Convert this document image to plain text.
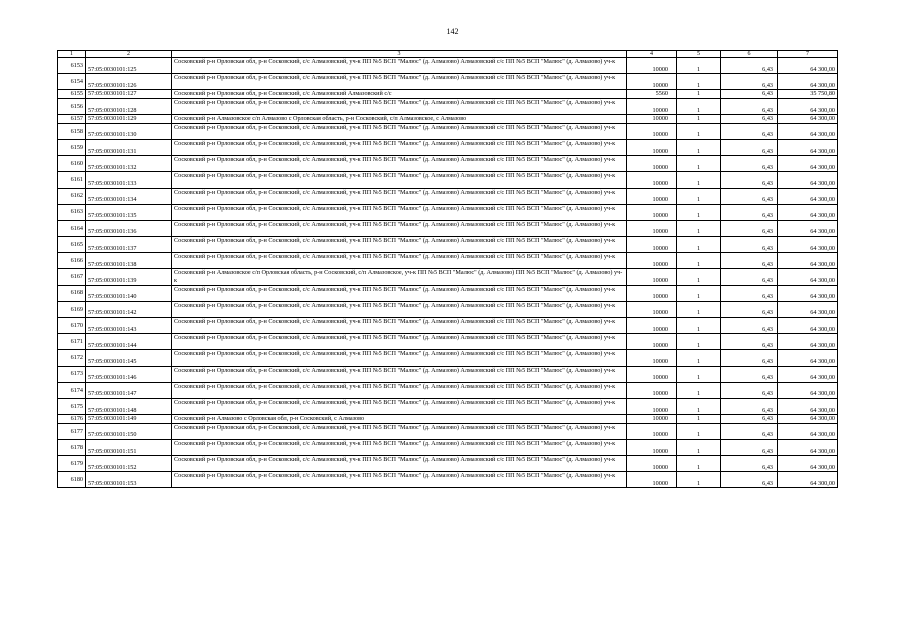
142
1	2	3	4	5	6	7
6153	57:05:0030101:125	Сосковский р-н Орловская обл, р-н Сосковский, с/с Алмазовский, уч-к ПП №5 ВСП "Малюс" (д. Алмазово) Алмазовский с/с ПП №5 ВСП "Малюс" (д. Алмазово) уч-к	10000	1	6,43	64 300,00
6154	57:05:0030101:126	Сосковский р-н Орловская обл, р-н Сосковский, с/с Алмазовский, уч-к ПП №5 ВСП "Малюс" (д. Алмазово) Алмазовский с/с ПП №5 ВСП "Малюс" (д. Алмазово) уч-к	10000	1	6,43	64 300,00
6155	57:05:0030101:127	Сосковский р-н Орловская обл, р-н Сосковский, с/с Алмазовский Алмазовский с/с	5560	1	6,43	35 750,80
6156	57:05:0030101:128	Сосковский р-н Орловская обл, р-н Сосковский, с/с Алмазовский, уч-к ПП №5 ВСП "Малюс" (д. Алмазово) Алмазовский с/с ПП №5 ВСП "Малюс" (д. Алмазово) уч-к	10000	1	6,43	64 300,00
6157	57:05:0030101:129	Сосковский р-н Алмазовское с/п Алмазово с Орловская область, р-н Сосковский, с/п Алмазовское, с Алмазово	10000	1	6,43	64 300,00
6158	57:05:0030101:130	Сосковский р-н Орловская обл, р-н Сосковский, с/с Алмазовский, уч-к ПП №5 ВСП "Малюс" (д. Алмазово) Алмазовский с/с ПП №5 ВСП "Малюс" (д. Алмазово) уч-к	10000	1	6,43	64 300,00
6159	57:05:0030101:131	Сосковский р-н Орловская обл, р-н Сосковский, с/с Алмазовский, уч-к ПП №5 ВСП "Малюс" (д. Алмазово) Алмазовский с/с ПП №5 ВСП "Малюс" (д. Алмазово) уч-к	10000	1	6,43	64 300,00
6160	57:05:0030101:132	Сосковский р-н Орловская обл, р-н Сосковский, с/с Алмазовский, уч-к ПП №5 ВСП "Малюс" (д. Алмазово) Алмазовский с/с ПП №5 ВСП "Малюс" (д. Алмазово) уч-к	10000	1	6,43	64 300,00
6161	57:05:0030101:133	Сосковский р-н Орловская обл, р-н Сосковский, с/с Алмазовский, уч-к ПП №5 ВСП "Малюс" (д. Алмазово) Алмазовский с/с ПП №5 ВСП "Малюс" (д. Алмазово) уч-к	10000	1	6,43	64 300,00
6162	57:05:0030101:134	Сосковский р-н Орловская обл, р-н Сосковский, с/с Алмазовский, уч-к ПП №5 ВСП "Малюс" (д. Алмазово) Алмазовский с/с ПП №5 ВСП "Малюс" (д. Алмазово) уч-к	10000	1	6,43	64 300,00
6163	57:05:0030101:135	Сосковский р-н Орловская обл, р-н Сосковский, с/с Алмазовский, уч-к ПП №5 ВСП "Малюс" (д. Алмазово) Алмазовский с/с ПП №5 ВСП "Малюс" (д. Алмазово) уч-к	10000	1	6,43	64 300,00
6164	57:05:0030101:136	Сосковский р-н Орловская обл, р-н Сосковский, с/с Алмазовский, уч-к ПП №5 ВСП "Малюс" (д. Алмазово) Алмазовский с/с ПП №5 ВСП "Малюс" (д. Алмазово) уч-к	10000	1	6,43	64 300,00
6165	57:05:0030101:137	Сосковский р-н Орловская обл, р-н Сосковский, с/с Алмазовский, уч-к ПП №5 ВСП "Малюс" (д. Алмазово) Алмазовский с/с ПП №5 ВСП "Малюс" (д. Алмазово) уч-к	10000	1	6,43	64 300,00
6166	57:05:0030101:138	Сосковский р-н Орловская обл, р-н Сосковский, с/с Алмазовский, уч-к ПП №5 ВСП "Малюс" (д. Алмазово) Алмазовский с/с ПП №5 ВСП "Малюс" (д. Алмазово) уч-к	10000	1	6,43	64 300,00
6167	57:05:0030101:139	Сосковский р-н Алмазовское с/п Орловская область, р-н Сосковский, с/п Алмазовское, уч-к ПП №5 ВСП "Малюс" (д. Алмазово) ПП №5 ВСП "Малюс" (д. Алмазово) уч-к	10000	1	6,43	64 300,00
6168	57:05:0030101:140	Сосковский р-н Орловская обл, р-н Сосковский, с/с Алмазовский, уч-к ПП №5 ВСП "Малюс" (д. Алмазово) Алмазовский с/с ПП №5 ВСП "Малюс" (д. Алмазово) уч-к	10000	1	6,43	64 300,00
6169	57:05:0030101:142	Сосковский р-н Орловская обл, р-н Сосковский, с/с Алмазовский, уч-к ПП №5 ВСП "Малюс" (д. Алмазово) Алмазовский с/с ПП №5 ВСП "Малюс" (д. Алмазово) уч-к	10000	1	6,43	64 300,00
6170	57:05:0030101:143	Сосковский р-н Орловская обл, р-н Сосковский, с/с Алмазовский, уч-к ПП №5 ВСП "Малюс" (д. Алмазово) Алмазовский с/с ПП №5 ВСП "Малюс" (д. Алмазово) уч-к	10000	1	6,43	64 300,00
6171	57:05:0030101:144	Сосковский р-н Орловская обл, р-н Сосковский, с/с Алмазовский, уч-к ПП №5 ВСП "Малюс" (д. Алмазово) Алмазовский с/с ПП №5 ВСП "Малюс" (д. Алмазово) уч-к	10000	1	6,43	64 300,00
6172	57:05:0030101:145	Сосковский р-н Орловская обл, р-н Сосковский, с/с Алмазовский, уч-к ПП №5 ВСП "Малюс" (д. Алмазово) Алмазовский с/с ПП №5 ВСП "Малюс" (д. Алмазово) уч-к	10000	1	6,43	64 300,00
6173	57:05:0030101:146	Сосковский р-н Орловская обл, р-н Сосковский, с/с Алмазовский, уч-к ПП №5 ВСП "Малюс" (д. Алмазово) Алмазовский с/с ПП №5 ВСП "Малюс" (д. Алмазово) уч-к	10000	1	6,43	64 300,00
6174	57:05:0030101:147	Сосковский р-н Орловская обл, р-н Сосковский, с/с Алмазовский, уч-к ПП №5 ВСП "Малюс" (д. Алмазово) Алмазовский с/с ПП №5 ВСП "Малюс" (д. Алмазово) уч-к	10000	1	6,43	64 300,00
6175	57:05:0030101:148	Сосковский р-н Орловская обл, р-н Сосковский, с/с Алмазовский, уч-к ПП №5 ВСП "Малюс" (д. Алмазово) Алмазовский с/с ПП №5 ВСП "Малюс" (д. Алмазово) уч-к	10000	1	6,43	64 300,00
6176	57:05:0030101:149	Сосковский р-н Алмазово с Орловская обл, р-н Сосковский, с Алмазово	10000	1	6,43	64 300,00
6177	57:05:0030101:150	Сосковский р-н Орловская обл, р-н Сосковский, с/с Алмазовский, уч-к ПП №5 ВСП "Малюс" (д. Алмазово) Алмазовский с/с ПП №5 ВСП "Малюс" (д. Алмазово) уч-к	10000	1	6,43	64 300,00
6178	57:05:0030101:151	Сосковский р-н Орловская обл, р-н Сосковский, с/с Алмазовский, уч-к ПП №5 ВСП "Малюс" (д. Алмазово) Алмазовский с/с ПП №5 ВСП "Малюс" (д. Алмазово) уч-к	10000	1	6,43	64 300,00
6179	57:05:0030101:152	Сосковский р-н Орловская обл, р-н Сосковский, с/с Алмазовский, уч-к ПП №5 ВСП "Малюс" (д. Алмазово) Алмазовский с/с ПП №5 ВСП "Малюс" (д. Алмазово) уч-к	10000	1	6,43	64 300,00
6180	57:05:0030101:153	Сосковский р-н Орловская обл, р-н Сосковский, с/с Алмазовский, уч-к ПП №5 ВСП "Малюс" (д. Алмазово) Алмазовский с/с ПП №5 ВСП "Малюс" (д. Алмазово) уч-к	10000	1	6,43	64 300,00
